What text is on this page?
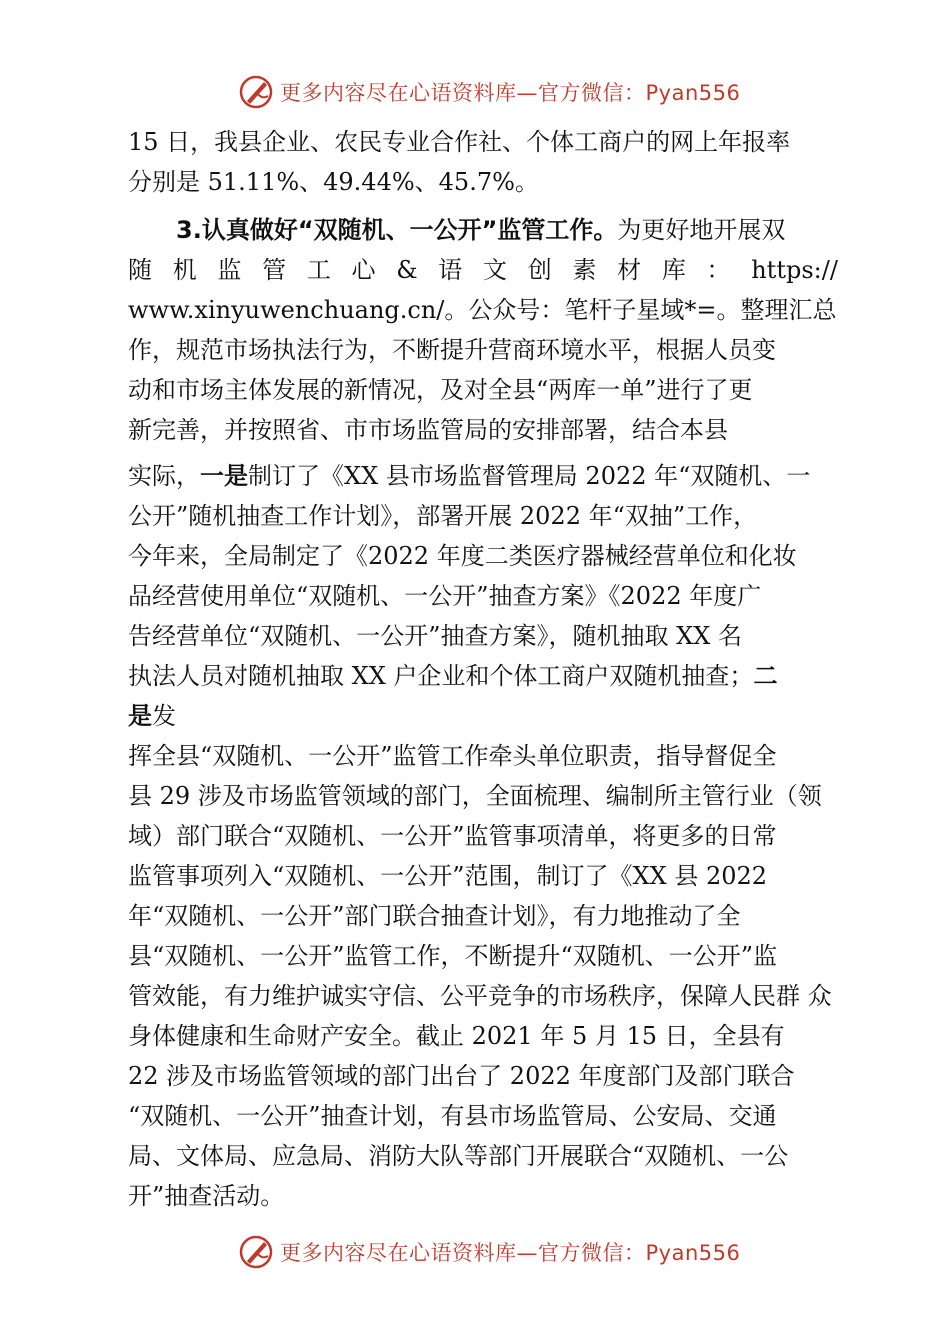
更多内容尽在心语资料库—官方微信：Pyan556
15 日，我县企业、农民专业合作社、个体工商户的网上年报率
分别是 51.11%、49.44%、45.7%。
3.认真做好“双随机、一公开”监管工作。为更好地开展双
随 机 监 管 工 心 & 语 文 创 素 材 库 ： https://
www.xinyuwenchuang.cn/。公众号：笔杆子星域*=。整理汇总
作，规范市场执法行为，不断提升营商环境水平，根据人员变
动和市场主体发展的新情况，及对全县“两库一单”进行了更
新完善，并按照省、市市场监管局的安排部署，结合本县
实际，一是制订了《XX 县市场监督管理局 2022 年“双随机、一
公开”随机抽查工作计划》，部署开展 2022 年“双抽”工作，
今年来，全局制定了《2022 年度二类医疗器械经营单位和化妆
品经营使用单位“双随机、一公开”抽查方案》《2022 年度广
告经营单位“双随机、一公开”抽查方案》，随机抽取 XX 名
执法人员对随机抽取 XX 户企业和个体工商户双随机抽查；二
是发
挥全县“双随机、一公开”监管工作牵头单位职责，指导督促全
县 29 涉及市场监管领域的部门，全面梳理、编制所主管行业（领
域）部门联合“双随机、一公开”监管事项清单，将更多的日常
监管事项列入“双随机、一公开”范围，制订了《XX 县 2022
年“双随机、一公开”部门联合抽查计划》，有力地推动了全
县“双随机、一公开”监管工作，不断提升“双随机、一公开”监
管效能，有力维护诚实守信、公平竞争的市场秩序，保障人民群 众
身体健康和生命财产安全。截止 2021 年 5 月 15 日，全县有
22 涉及市场监管领域的部门出台了 2022 年度部门及部门联合
“双随机、一公开”抽查计划，有县市场监管局、公安局、交通
局、文体局、应急局、消防大队等部门开展联合“双随机、一公
开”抽查活动。
更多内容尽在心语资料库—官方微信：Pyan556
